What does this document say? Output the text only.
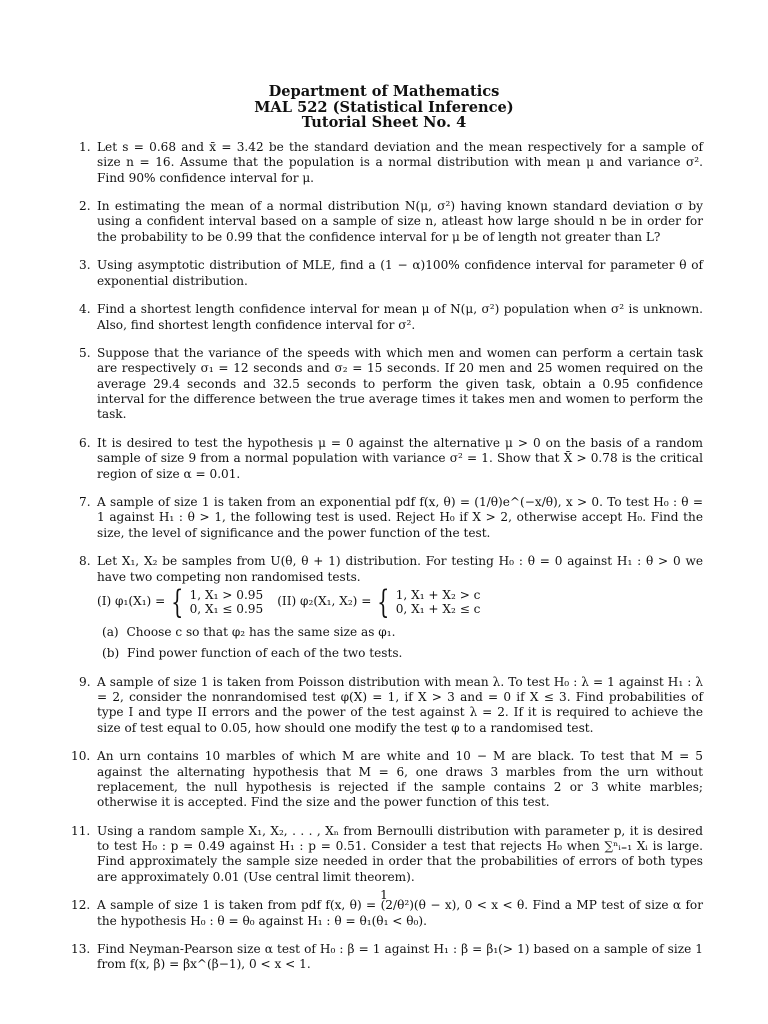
Department of Mathematics
MAL 522 (Statistical Inference)
Tutorial Sheet No. 4
1. Let s = 0.68 and x̄ = 3.42 be the standard deviation and the mean respectively for a sample of size n = 16. Assume that the population is a normal distribution with mean μ and variance σ². Find 90% confidence interval for μ.
2. In estimating the mean of a normal distribution N(μ, σ²) having known standard deviation σ by using a confident interval based on a sample of size n, atleast how large should n be in order for the probability to be 0.99 that the confidence interval for μ be of length not greater than L?
3. Using asymptotic distribution of MLE, find a (1 − α)100% confidence interval for parameter θ of exponential distribution.
4. Find a shortest length confidence interval for mean μ of N(μ, σ²) population when σ² is unknown. Also, find shortest length confidence interval for σ².
5. Suppose that the variance of the speeds with which men and women can perform a certain task are respectively σ₁ = 12 seconds and σ₂ = 15 seconds. If 20 men and 25 women required on the average 29.4 seconds and 32.5 seconds to perform the given task, obtain a 0.95 confidence interval for the difference between the true average times it takes men and women to perform the task.
6. It is desired to test the hypothesis μ = 0 against the alternative μ > 0 on the basis of a random sample of size 9 from a normal population with variance σ² = 1. Show that X̄ > 0.78 is the critical region of size α = 0.01.
7. A sample of size 1 is taken from an exponential pdf f(x, θ) = (1/θ)e^(−x/θ), x > 0. To test H₀ : θ = 1 against H₁ : θ > 1, the following test is used. Reject H₀ if X > 2, otherwise accept H₀. Find the size, the level of significance and the power function of the test.
8. Let X₁, X₂ be samples from U(θ, θ + 1) distribution. For testing H₀ : θ = 0 against H₁ : θ > 0 we have two competing non randomised tests.
(I) φ₁(X₁) = { 1, X₁ > 0.95
0, X₁ ≤ 0.95
(II) φ₂(X₁, X₂) = { 1, X₁ + X₂ > c
0, X₁ + X₂ ≤ c
(a) Choose c so that φ₂ has the same size as φ₁.
(b) Find power function of each of the two tests.
9. A sample of size 1 is taken from Poisson distribution with mean λ. To test H₀ : λ = 1 against H₁ : λ = 2, consider the nonrandomised test φ(X) = 1, if X > 3 and = 0 if X ≤ 3. Find probabilities of type I and type II errors and the power of the test against λ = 2. If it is required to achieve the size of test equal to 0.05, how should one modify the test φ to a randomised test.
10. An urn contains 10 marbles of which M are white and 10 − M are black. To test that M = 5 against the alternating hypothesis that M = 6, one draws 3 marbles from the urn without replacement, the null hypothesis is rejected if the sample contains 2 or 3 white marbles; otherwise it is accepted. Find the size and the power function of this test.
11. Using a random sample X₁, X₂, . . . , Xₙ from Bernoulli distribution with parameter p, it is desired to test H₀ : p = 0.49 against H₁ : p = 0.51. Consider a test that rejects H₀ when ∑ⁿᵢ₌₁ Xᵢ is large. Find approximately the sample size needed in order that the probabilities of errors of both types are approximately 0.01 (Use central limit theorem).
12. A sample of size 1 is taken from pdf f(x, θ) = (2/θ²)(θ − x), 0 < x < θ. Find a MP test of size α for the hypothesis H₀ : θ = θ₀ against H₁ : θ = θ₁(θ₁ < θ₀).
13. Find Neyman-Pearson size α test of H₀ : β = 1 against H₁ : β = β₁(> 1) based on a sample of size 1 from f(x, β) = βx^(β−1), 0 < x < 1.
1
